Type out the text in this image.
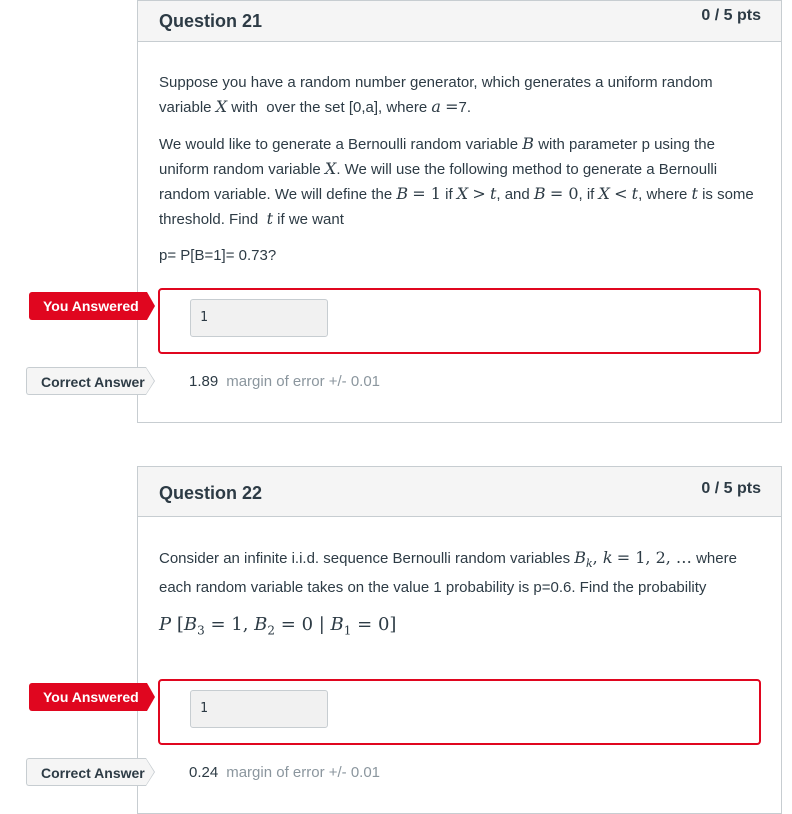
Question 21	0 / 5 pts

Suppose you have a random number generator, which generates a uniform random variable X with  over the set [0,a], where a =7.

We would like to generate a Bernoulli random variable B with parameter p using the uniform random variable X. We will use the following method to generate a Bernoulli random variable. We will define the B = 1 if X > t, and B = 0, if X < t, where t is some threshold. Find  t if we want

p= P[B=1]= 0.73?

1
1.89 margin of error +/- 0.01
You Answered
Correct Answer
Question 22	0 / 5 pts

Consider an infinite i.i.d. sequence Bernoulli random variables $B_k$, k = 1, 2, … where each random variable takes on the value 1 probability is p=0.6. Find the probability

P [$B_3 = 1$, $B_2 = 0$ | $B_1 = 0$]

1
0.24 margin of error +/- 0.01
You Answered
Correct Answer
